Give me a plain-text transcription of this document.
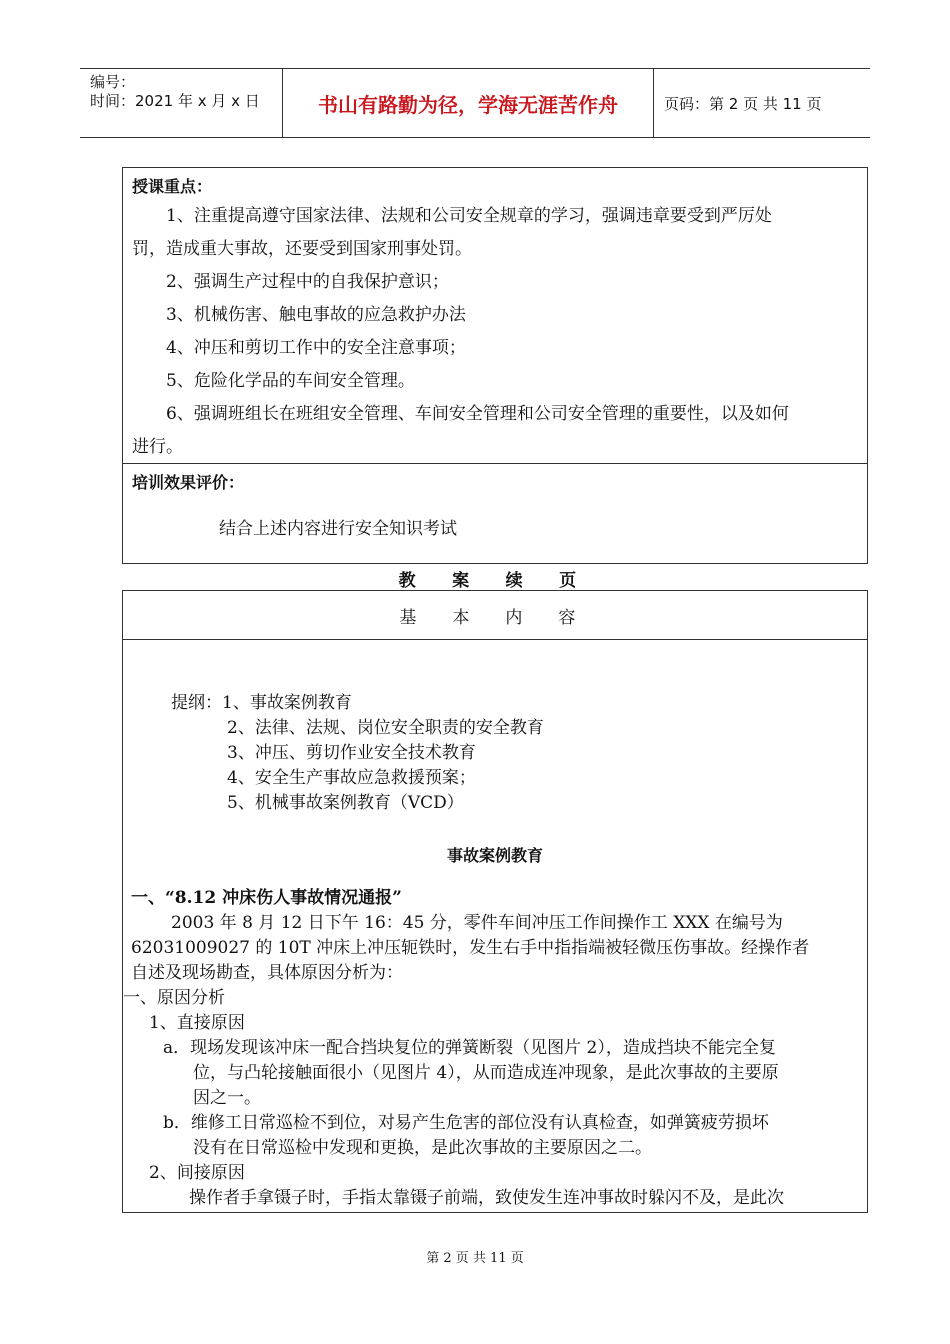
编号：
时间：2021 年 x 月 x 日	书山有路勤为径，学海无涯苦作舟	页码：第 2 页 共 11 页
授课重点：

1、注重提高遵守国家法律、法规和公司安全规章的学习，强调违章要受到严厉处

罚，造成重大事故，还要受到国家刑事处罚。

2、强调生产过程中的自我保护意识；

3、机械伤害、触电事故的应急救护办法

4、冲压和剪切工作中的安全注意事项；

5、危险化学品的车间安全管理。

6、强调班组长在班组安全管理、车间安全管理和公司安全管理的重要性，以及如何

进行。

培训效果评价：
结合上述内容进行安全知识考试
教 案 续 页
基 本 内 容
提纲：1、事故案例教育
2、法律、法规、岗位安全职责的安全教育
3、冲压、剪切作业安全技术教育
4、安全生产事故应急救援预案；
5、机械事故案例教育（VCD）
事故案例教育
一、“8.12 冲床伤人事故情况通报”
2003 年 8 月 12 日下午 16：45 分，零件车间冲压工作间操作工 XXX 在编号为
62031009027 的 10T 冲床上冲压轭铁时，发生右手中指指端被轻微压伤事故。经操作者
自述及现场勘查，具体原因分析为：
一、原因分析
1、直接原因
a．现场发现该冲床一配合挡块复位的弹簧断裂（见图片 2），造成挡块不能完全复
位，与凸轮接触面很小（见图片 4），从而造成连冲现象，是此次事故的主要原
因之一。
b．维修工日常巡检不到位，对易产生危害的部位没有认真检查，如弹簧疲劳损坏
没有在日常巡检中发现和更换，是此次事故的主要原因之二。
2、间接原因
操作者手拿镊子时，手指太靠镊子前端，致使发生连冲事故时躲闪不及，是此次
第 2 页 共 11 页
